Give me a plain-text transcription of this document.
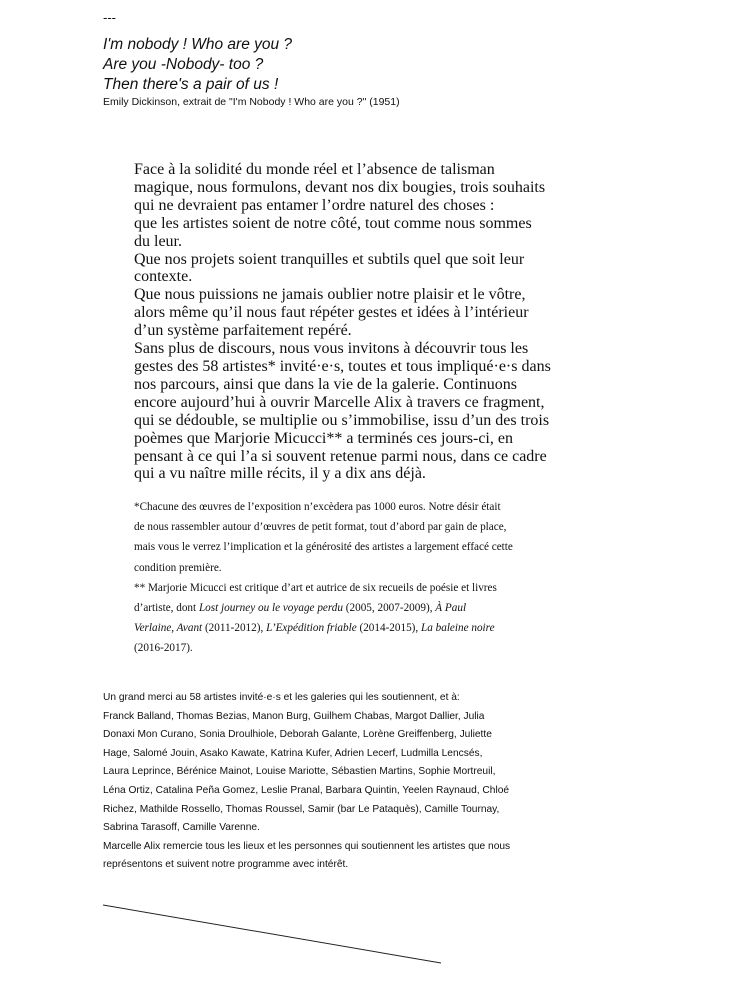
---
I'm nobody ! Who are you ?
Are you -Nobody- too ?
Then there's a pair of us !
Emily Dickinson, extrait de "I'm Nobody ! Who are you ?" (1951)
Face à la solidité du monde réel et l’absence de talisman
magique, nous formulons, devant nos dix bougies, trois souhaits
qui ne devraient pas entamer l’ordre naturel des choses :
que les artistes soient de notre côté, tout comme nous sommes
du leur.
Que nos projets soient tranquilles et subtils quel que soit leur
contexte.
Que nous puissions ne jamais oublier notre plaisir et le vôtre,
alors même qu’il nous faut répéter gestes et idées à l’intérieur
d’un système parfaitement repéré.
Sans plus de discours, nous vous invitons à découvrir tous les
gestes des 58 artistes* invité·e·s, toutes et tous impliqué·e·s dans
nos parcours, ainsi que dans la vie de la galerie. Continuons
encore aujourd’hui à ouvrir Marcelle Alix à travers ce fragment,
qui se dédouble, se multiplie ou s’immobilise, issu d’un des trois
poèmes que Marjorie Micucci** a terminés ces jours-ci, en
pensant à ce qui l’a si souvent retenue parmi nous, dans ce cadre
qui a vu naître mille récits, il y a dix ans déjà.
*Chacune des œuvres de l’exposition n’excèdera pas 1000 euros. Notre désir était
de nous rassembler autour d’œuvres de petit format, tout d’abord par gain de place,
mais vous le verrez l’implication et la générosité des artistes a largement effacé cette
condition première.
** Marjorie Micucci est critique d’art et autrice de six recueils de poésie et livres
d’artiste, dont Lost journey ou le voyage perdu (2005, 2007-2009), À Paul
Verlaine, Avant (2011-2012), L’Expédition friable (2014-2015), La baleine noire
(2016-2017).
Un grand merci au 58 artistes invité·e·s et les galeries qui les soutiennent, et à:
Franck Balland, Thomas Bezias, Manon Burg, Guilhem Chabas, Margot Dallier, Julia
Donaxi Mon Curano, Sonia Droulhiole, Deborah Galante, Lorène Greiffenberg, Juliette
Hage, Salomé Jouin, Asako Kawate, Katrina Kufer, Adrien Lecerf, Ludmilla Lencsés,
Laura Leprince, Bérénice Mainot, Louise Mariotte, Sébastien Martins, Sophie Mortreuil,
Léna Ortiz, Catalina Peña Gomez, Leslie Pranal, Barbara Quintin, Yeelen Raynaud, Chloé
Richez, Mathilde Rossello, Thomas Roussel, Samir (bar Le Pataquès), Camille Tournay,
Sabrina Tarasoff, Camille Varenne.
Marcelle Alix remercie tous les lieux et les personnes qui soutiennent les artistes que nous
représentons et suivent notre programme avec intérêt.
